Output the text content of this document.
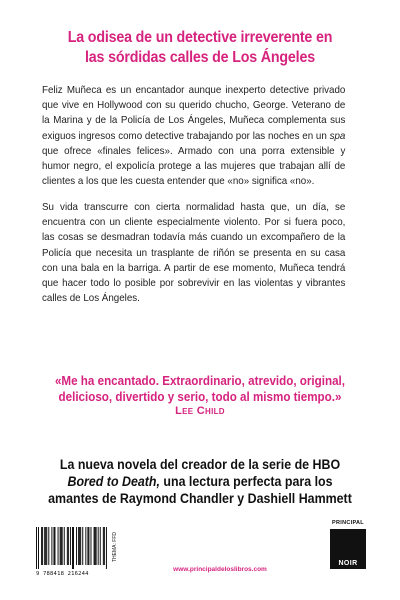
La odisea de un detective irreverente en
las sórdidas calles de Los Ángeles
Feliz Muñeca es un encantador aunque inexperto detective privado que vive en Hollywood con su querido chucho, George. Veterano de la Marina y de la Policía de Los Ángeles, Muñeca complementa sus exiguos ingresos como detective trabajando por las noches en un spa que ofrece «finales felices». Armado con una porra extensible y humor negro, el expolicía protege a las mujeres que trabajan allí de clientes a los que les cuesta entender que «no» significa «no».
Su vida transcurre con cierta normalidad hasta que, un día, se encuentra con un cliente especialmente violento. Por si fuera poco, las cosas se desmadran todavía más cuando un excompañero de la Policía que necesita un trasplante de riñón se presenta en su casa con una bala en la barriga. A partir de ese momento, Muñeca tendrá que hacer todo lo posible por sobrevivir en las violentas y vibrantes calles de Los Ángeles.
«Me ha encantado. Extraordinario, atrevido, original, delicioso, divertido y serio, todo al mismo tiempo.»
Lee Child
La nueva novela del creador de la serie de HBO Bored to Death, una lectura perfecta para los amantes de Raymond Chandler y Dashiell Hammett
9 788418 216244
THEMA: FFD
www.principaldeloslibros.com
PRINCIPAL
NOIR
